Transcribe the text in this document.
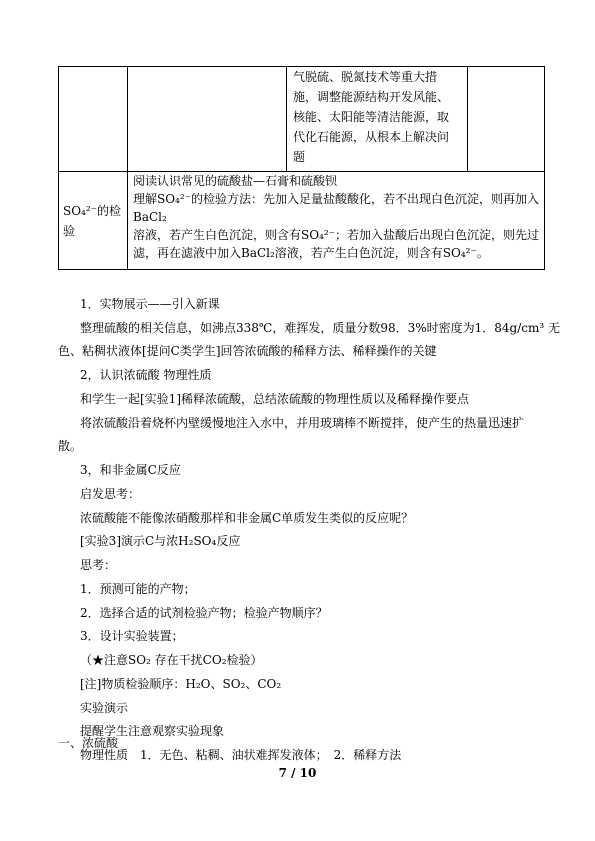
		气脱硫、脱氮技术等重大措
施，调整能源结构开发风能、
核能、太阳能等清洁能源，取
代化石能源，从根本上解决问
题	

SO₄²⁻的检
验	阅读认识常见的硫酸盐—石膏和硫酸钡
理解SO₄²⁻的检验方法：先加入足量盐酸酸化，若不出现白色沉淀，则再加入
BaCl₂
溶液，若产生白色沉淀，则含有SO₄²⁻；若加入盐酸后出现白色沉淀，则先过
滤，再在滤液中加入BaCl₂溶液，若产生白色沉淀，则含有SO₄²⁻。		
1．实物展示——引入新课
整理硫酸的相关信息，如沸点338℃，难挥发，质量分数98．3%时密度为1．84g/cm³ 无
色、粘稠状液体[提问C类学生]回答浓硫酸的稀释方法、稀释操作的关键
2，认识浓硫酸 物理性质
和学生一起[实验1]稀释浓硫酸，总结浓硫酸的物理性质以及稀释操作要点
将浓硫酸沿着烧杯内壁缓慢地注入水中，并用玻璃棒不断搅拌，使产生的热量迅速扩
散。
3，和非金属C反应
启发思考：
浓硫酸能不能像浓硝酸那样和非金属C单质发生类似的反应呢？
[实验3]演示C与浓H₂SO₄反应
思考：
1．预测可能的产物；
2．选择合适的试剂检验产物；检验产物顺序？
3．设计实验装置；
（★注意SO₂ 存在干扰CO₂检验）
[注]物质检验顺序：H₂O、SO₂、CO₂
实验演示
提醒学生注意观察实验现象
一、浓硫酸
物理性质　1．无色、粘稠、油状难挥发液体；　2．稀释方法
7 / 10
